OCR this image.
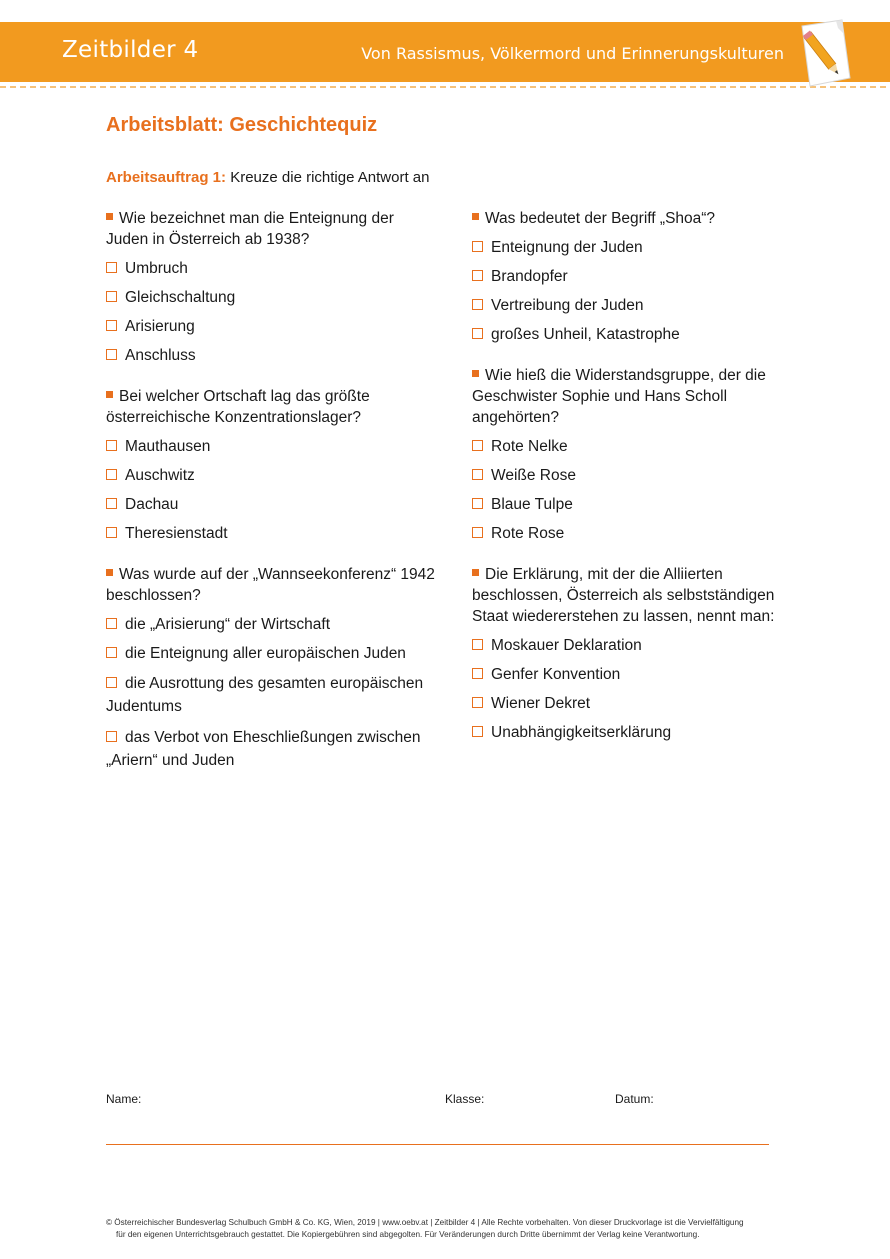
Zeitbilder 4	Von Rassismus, Völkermord und Erinnerungskulturen
Arbeitsblatt: Geschichtequiz
Arbeitsauftrag 1: Kreuze die richtige Antwort an
Wie bezeichnet man die Enteignung der Juden in Österreich ab 1938?
Umbruch
Gleichschaltung
Arisierung
Anschluss
Bei welcher Ortschaft lag das größte österreichische Konzentrationslager?
Mauthausen
Auschwitz
Dachau
Theresienstadt
Was wurde auf der „Wannseekonferenz“ 1942 beschlossen?
die „Arisierung“ der Wirtschaft
die Enteignung aller europäischen Juden
die Ausrottung des gesamten europäischen Judentums
das Verbot von Eheschließungen zwischen „Ariern“ und Juden
Was bedeutet der Begriff „Shoa“?
Enteignung der Juden
Brandopfer
Vertreibung der Juden
großes Unheil, Katastrophe
Wie hieß die Widerstandsgruppe, der die Geschwister Sophie und Hans Scholl angehörten?
Rote Nelke
Weiße Rose
Blaue Tulpe
Rote Rose
Die Erklärung, mit der die Alliierten beschlossen, Österreich als selbstständigen Staat wiedererstehen zu lassen, nennt man:
Moskauer Deklaration
Genfer Konvention
Wiener Dekret
Unabhängigkeitserklärung
Name:	Klasse:	Datum:
© Österreichischer Bundesverlag Schulbuch GmbH & Co. KG, Wien, 2019 | www.oebv.at | Zeitbilder 4 | Alle Rechte vorbehalten. Von dieser Druckvorlage ist die Vervielfältigung
für den eigenen Unterrichtsgebrauch gestattet. Die Kopiergebühren sind abgegolten. Für Veränderungen durch Dritte übernimmt der Verlag keine Verantwortung.
